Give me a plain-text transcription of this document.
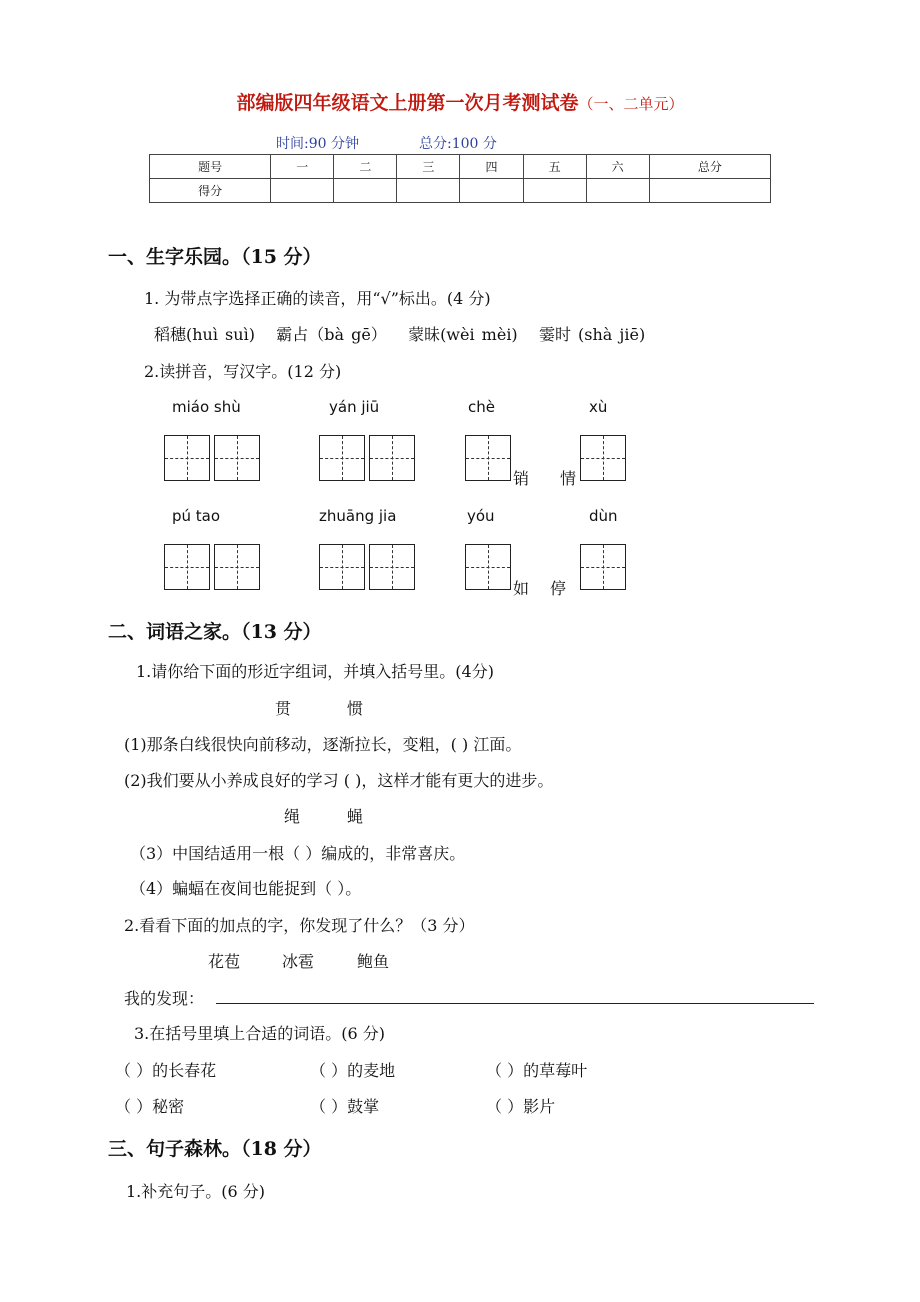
部编版四年级语文上册第一次月考测试卷（一、二单元）
时间:90 分钟	总分:100 分
题号	一	二	三	四	五	六	总分
得分							
一、生字乐园。（15 分）
1. 为带点字选择正确的读音，用“√”标出。(4 分)
稻穗(huì suì) 霸占（bà gē） 蒙昧(wèi mèi) 霎时 (shà jiē)
2.读拼音，写汉字。(12 分)
miáo shù	yán jiū	chè	xù
销 情
pú tao	zhuāng jia	yóu	dùn
如 停
二、词语之家。（13 分）
1.请你给下面的形近字组词，并填入括号里。(4分)
贯	惯
(1)那条白线很快向前移动，逐渐拉长，变粗，( ) 江面。
(2)我们要从小养成良好的学习 ( )，这样才能有更大的进步。
绳	蝇
（3）中国结适用一根（ ）编成的，非常喜庆。
（4）蝙蝠在夜间也能捉到（ ）。
2.看看下面的加点的字，你发现了什么？（3 分）
花苞	冰雹	鲍鱼
我的发现：
3.在括号里填上合适的词语。(6 分)
（ ）的长春花	（ ）的麦地	（ ）的草莓叶
（ ）秘密	（ ）鼓掌	（ ）影片
三、句子森林。（18 分）
1.补充句子。(6 分)
